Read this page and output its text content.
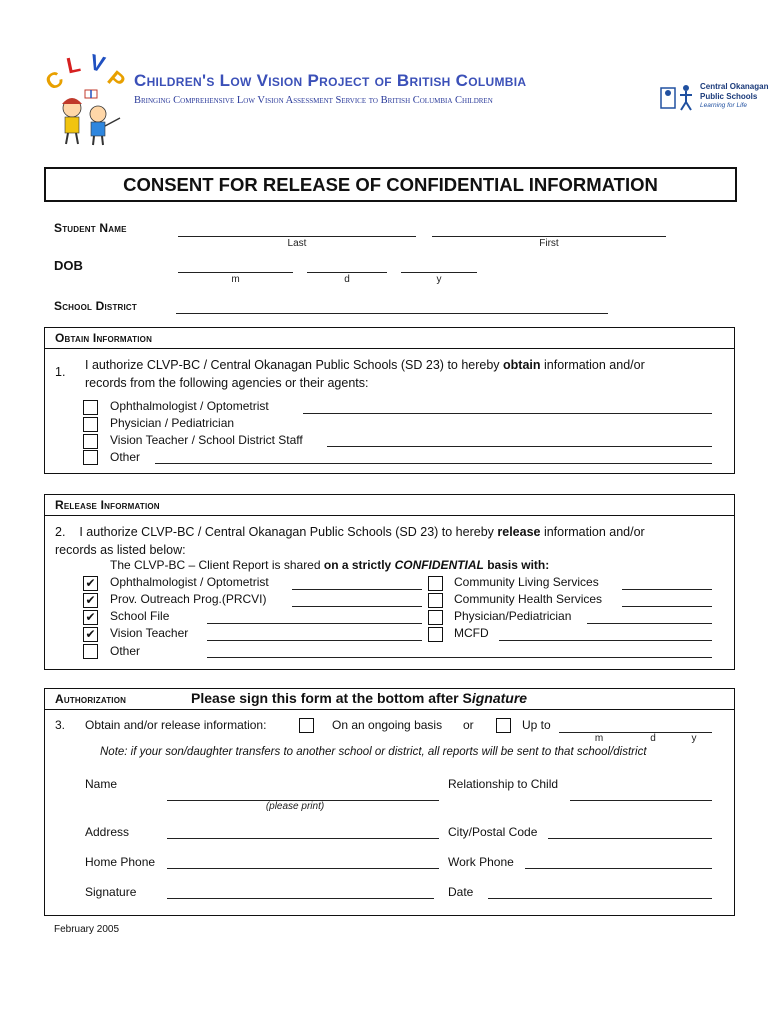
C
L V
P Children's Low Vision Project of British Columbia
Bringing Comprehensive Low Vision Assessment Service to British Columbia Children
Central Okanagan
Public Schools
Learning for Life
CONSENT FOR RELEASE OF CONFIDENTIAL INFORMATION
Student Name
Last	First
DOB
m	d	y
School District
Obtain Information
1. I authorize CLVP-BC / Central Okanagan Public Schools (SD 23) to hereby obtain information and/or
records from the following agencies or their agents:
Ophthalmologist / Optometrist
Physician / Pediatrician
Vision Teacher / School District Staff
Other
Release Information
2. I authorize CLVP-BC / Central Okanagan Public Schools (SD 23) to hereby release information and/or
records as listed below:
The CLVP-BC – Client Report is shared on a strictly CONFIDENTIAL basis with:
✔ Ophthalmologist / Optometrist
✔ Prov. Outreach Prog.(PRCVI)
✔ School File
✔ Vision Teacher
Other
Community Living Services
Community Health Services
Physician/Pediatrician
MCFD
Authorization	Please sign this form at the bottom after Signature
3. Obtain and/or release information:	On an ongoing basis or	Up to
m	d	y
Note: if your son/daughter transfers to another school or district, all reports will be sent to that school/district
Name
(please print)
Relationship to Child
Address	City/Postal Code
Home Phone	Work Phone
Signature	Date
February 2005
